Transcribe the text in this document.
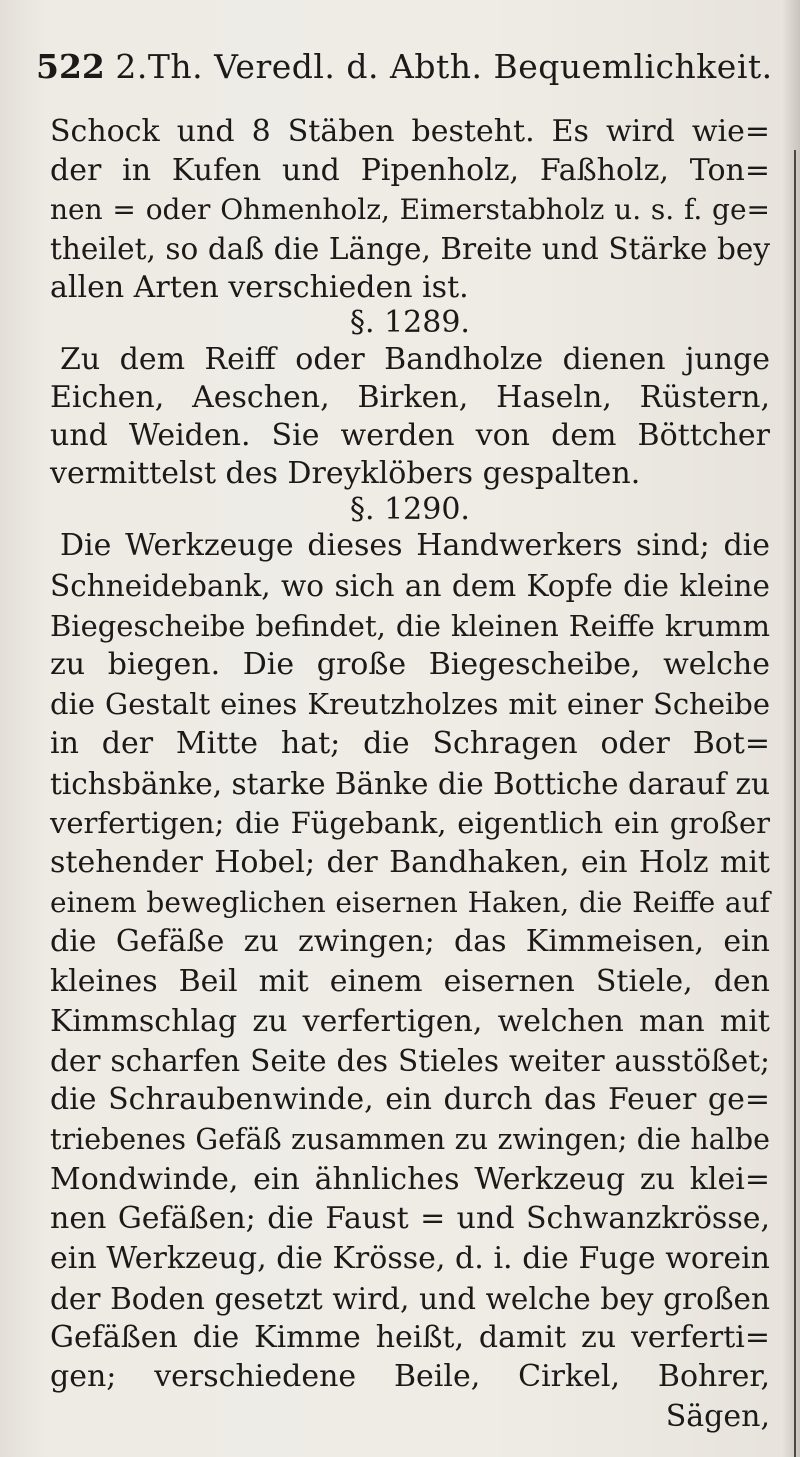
522 2.Th. Veredl. d. Abth. Bequemlichkeit.
Schock und 8 Stäben besteht. Es wird wie=
der in Kufen und Pipenholz, Faßholz, Ton=
nen = oder Ohmenholz, Eimerstabholz u. s. f. ge=
theilet, so daß die Länge, Breite und Stärke bey
allen Arten verschieden ist.
§. 1289.
Zu dem Reiff oder Bandholze dienen junge
Eichen, Aeschen, Birken, Haseln, Rüstern,
und Weiden. Sie werden von dem Böttcher
vermittelst des Dreyklöbers gespalten.
§. 1290.
Die Werkzeuge dieses Handwerkers sind; die
Schneidebank, wo sich an dem Kopfe die kleine
Biegescheibe befindet, die kleinen Reiffe krumm
zu biegen. Die große Biegescheibe, welche
die Gestalt eines Kreutzholzes mit einer Scheibe
in der Mitte hat; die Schragen oder Bot=
tichsbänke, starke Bänke die Bottiche darauf zu
verfertigen; die Fügebank, eigentlich ein großer
stehender Hobel; der Bandhaken, ein Holz mit
einem beweglichen eisernen Haken, die Reiffe auf
die Gefäße zu zwingen; das Kimmeisen, ein
kleines Beil mit einem eisernen Stiele, den
Kimmschlag zu verfertigen, welchen man mit
der scharfen Seite des Stieles weiter ausstößet;
die Schraubenwinde, ein durch das Feuer ge=
triebenes Gefäß zusammen zu zwingen; die halbe
Mondwinde, ein ähnliches Werkzeug zu klei=
nen Gefäßen; die Faust = und Schwanzkrösse,
ein Werkzeug, die Krösse, d. i. die Fuge worein
der Boden gesetzt wird, und welche bey großen
Gefäßen die Kimme heißt, damit zu verferti=
gen; verschiedene Beile, Cirkel, Bohrer,
Sägen,
